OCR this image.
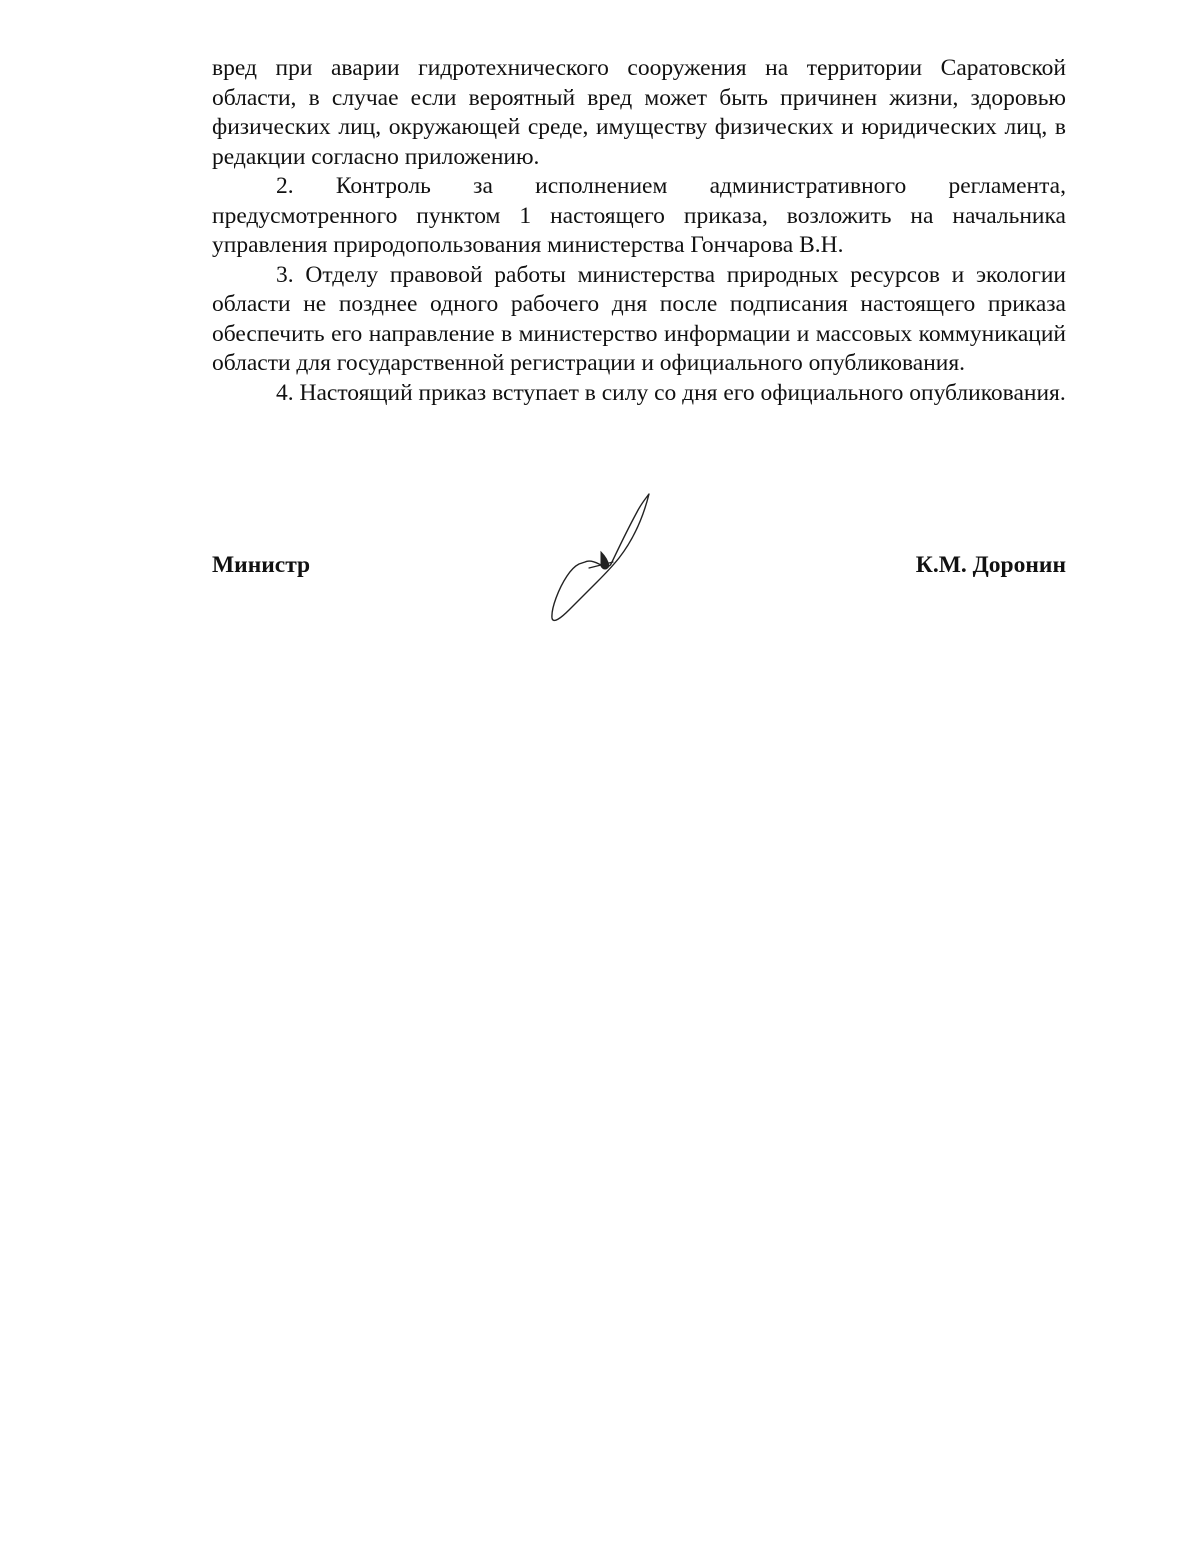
вред при аварии гидротехнического сооружения на территории Саратовской области, в случае если вероятный вред может быть причинен жизни, здоровью физических лиц, окружающей среде, имуществу физических и юридических лиц, в редакции согласно приложению.

2. Контроль за исполнением административного регламента, предусмотренного пунктом 1 настоящего приказа, возложить на начальника управления природопользования министерства Гончарова В.Н.

3. Отделу правовой работы министерства природных ресурсов и экологии области не позднее одного рабочего дня после подписания настоящего приказа обеспечить его направление в министерство информации и массовых коммуникаций области для государственной регистрации и официального опубликования.

4. Настоящий приказ вступает в силу со дня его официального опубликования.

Министр	К.М. Доронин
